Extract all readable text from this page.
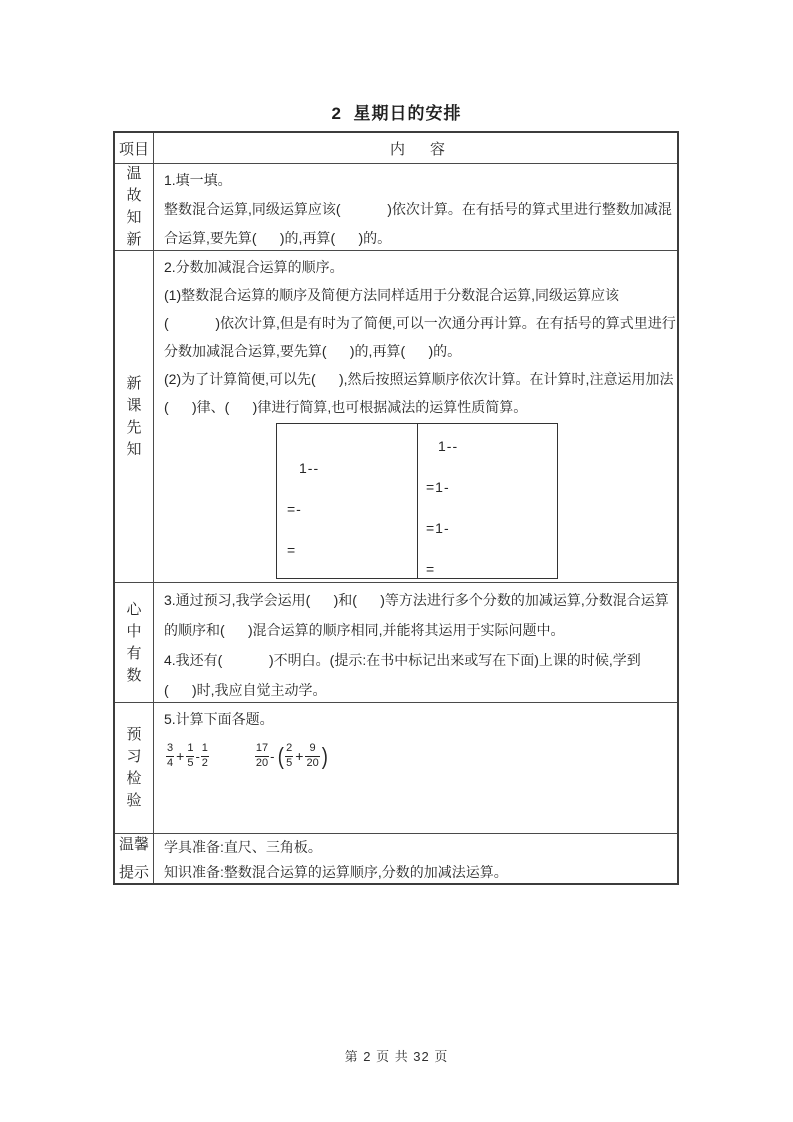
2  星期日的安排
项目	内      容
温故知新

1.填一填。

整数混合运算,同级运算应该(            )依次计算。在有括号的算式里进行整数加减混

合运算,要先算(      )的,再算(      )的。

新课先知

2.分数加减混合运算的顺序。

(1)整数混合运算的顺序及简便方法同样适用于分数混合运算,同级运算应该

(            )依次计算,但是有时为了简便,可以一次通分再计算。在有括号的算式里进行

分数加减混合运算,要先算(      )的,再算(      )的。

(2)为了计算简便,可以先(      ),然后按照运算顺序依次计算。在计算时,注意运用加法

(      )律、(      )律进行简算,也可根据减法的运算性质简算。

1--
=-
=
1--
=1-
=1-
=
心中有数

3.通过预习,我学会运用(      )和(      )等方法进行多个分数的加减运算,分数混合运算

的顺序和(      )混合运算的顺序相同,并能将其运用于实际问题中。

4.我还有(            )不明白。(提示:在书中标记出来或写在下面)上课的时候,学到

(      )时,我应自觉主动学。

预习检验

5.计算下面各题。

$\frac{3}{4} + \frac{1}{5} - \frac{1}{2}$	$\frac{17}{20}$ - ( $\frac{2}{5} + \frac{9}{20}$ )
温馨提示

学具准备:直尺、三角板。

知识准备:整数混合运算的运算顺序,分数的加减法运算。

第 2 页 共 32 页
